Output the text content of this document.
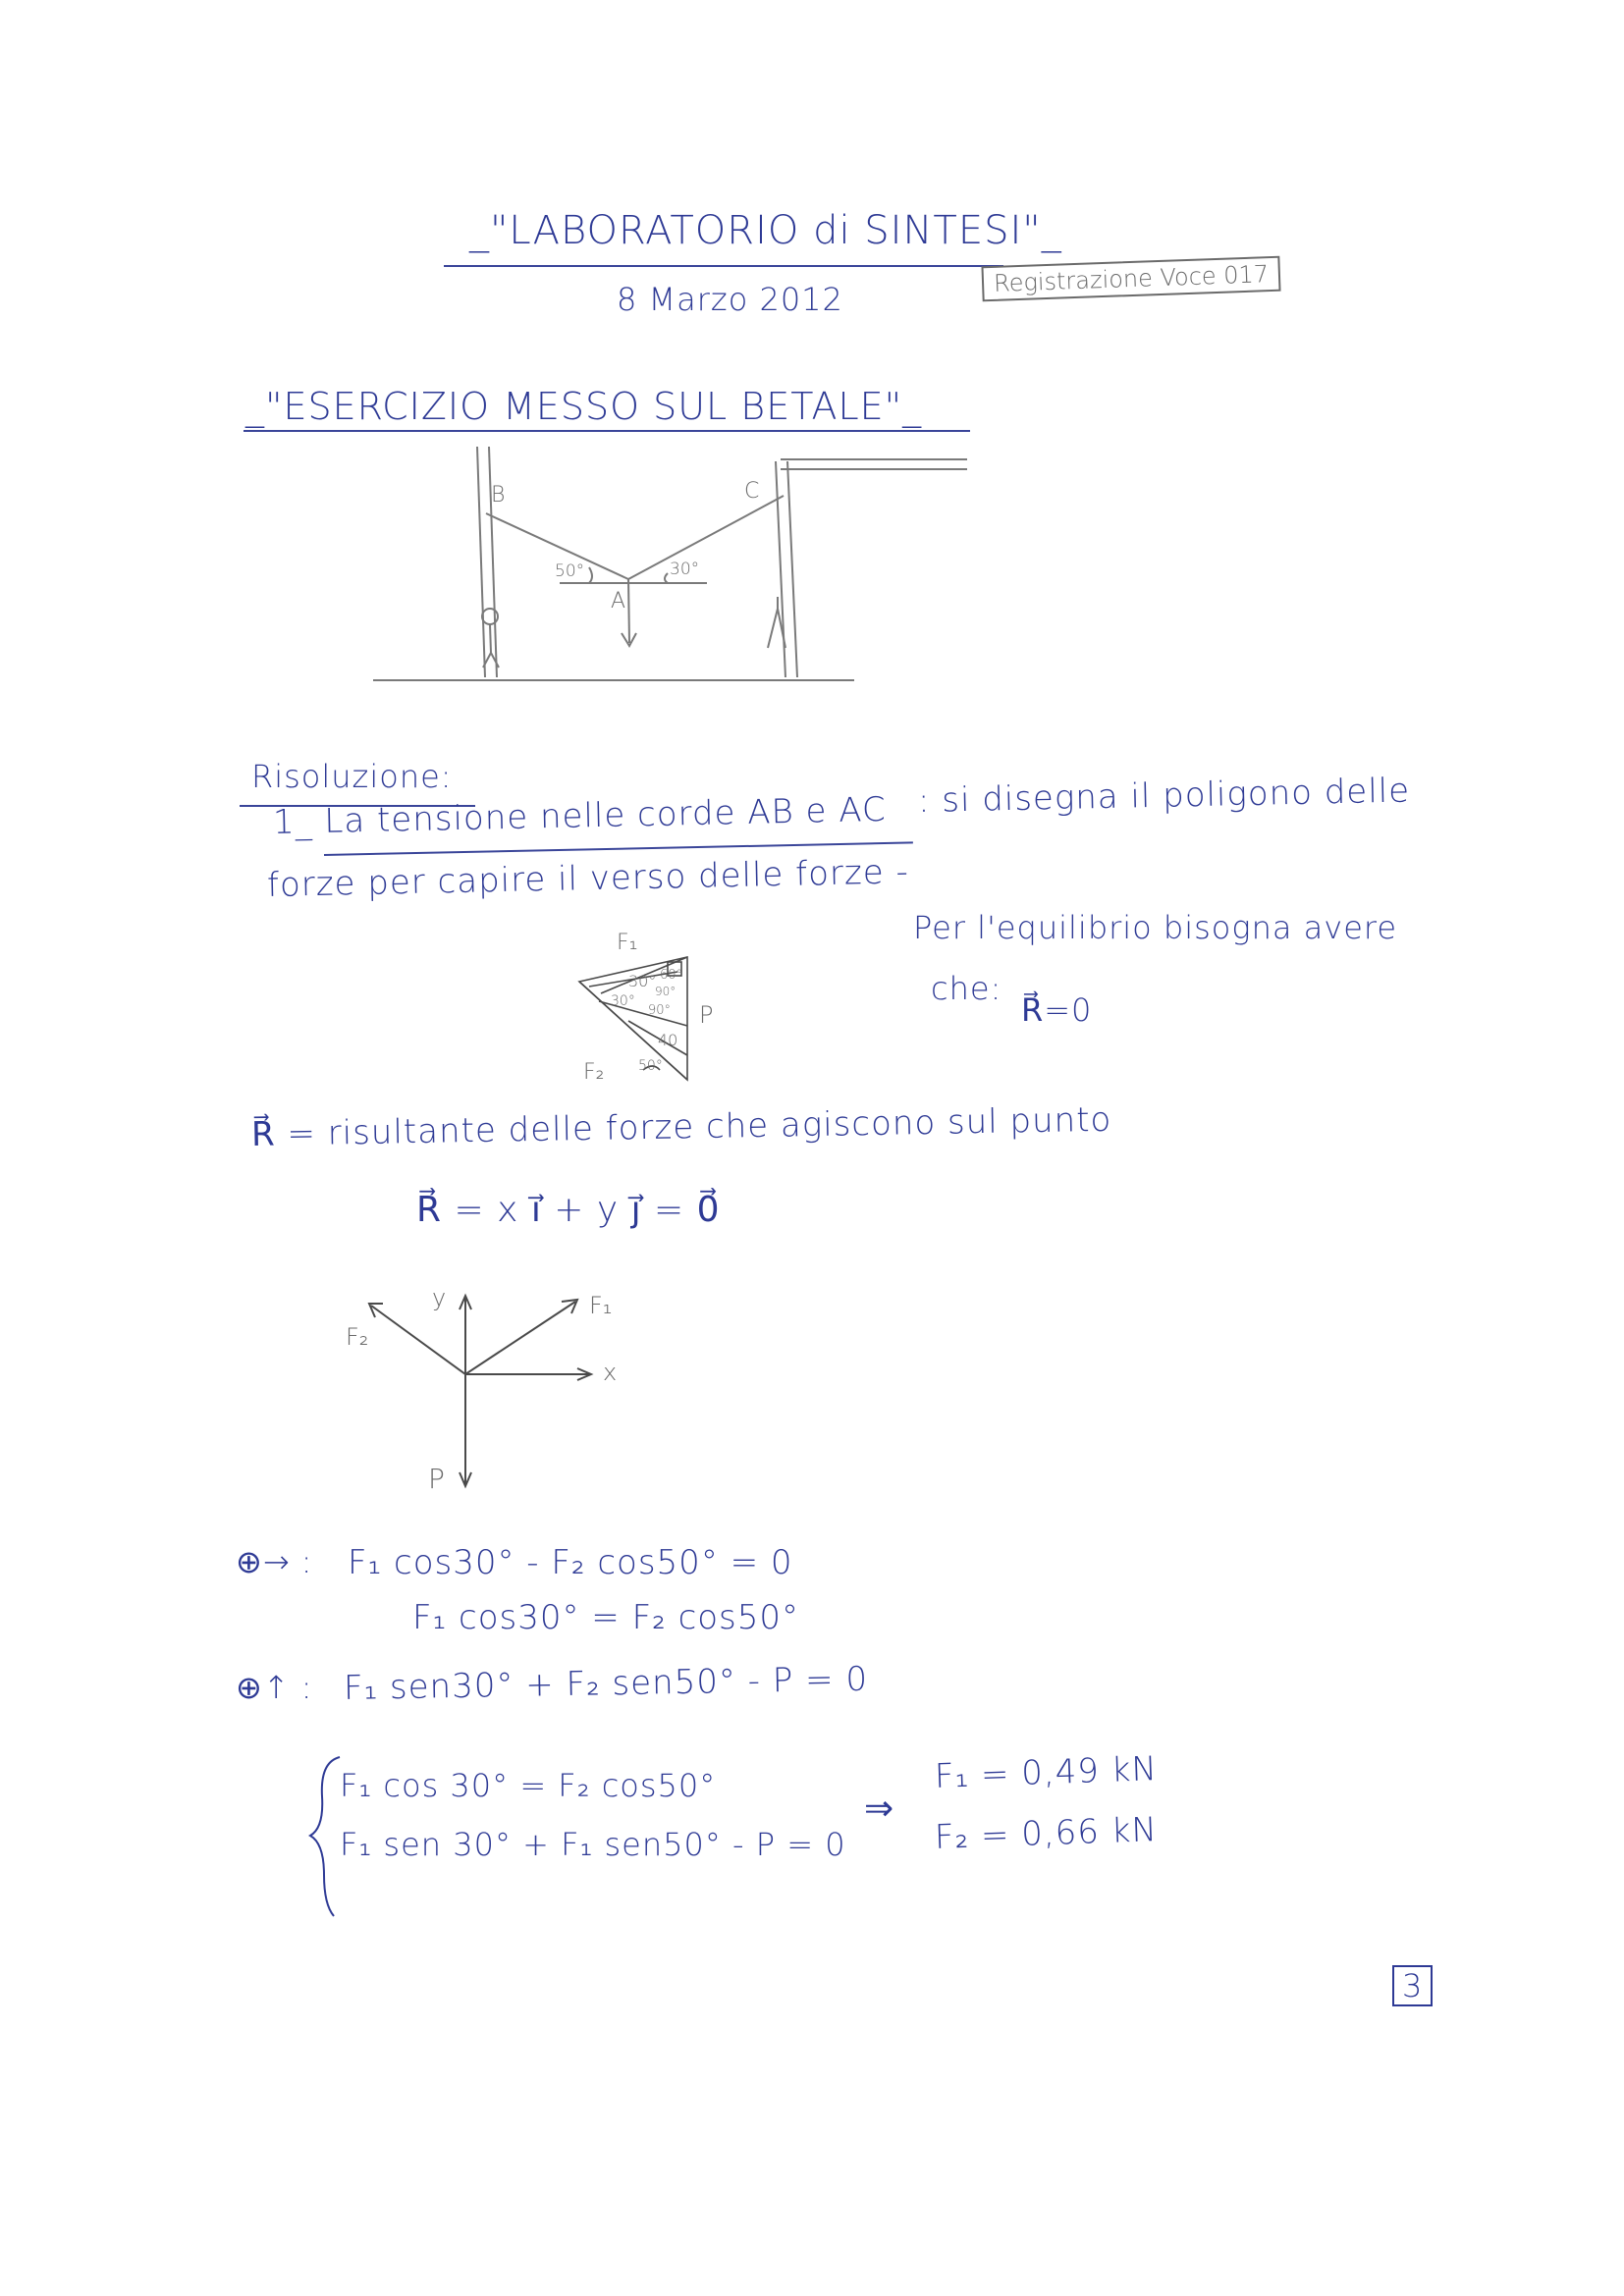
_"LABORATORIO di SINTESI"_
8 Marzo 2012
Registrazione Voce 017
_"ESERCIZIO MESSO SUL BETALE"_
B	C
A
50°	30°
Risoluzione:
1_ La tensione nelle corde AB e AC : si disegna il poligono delle
forze per capire il verso delle forze -
Per l'equilibrio bisogna avere
che:
R⃗=0
F₁
F₂
P
30° 60°
90°
30°
90°
40
50°
R⃗ = risultante delle forze che agiscono sul punto
R⃗ = x i⃗ + y j⃗ = 0⃗
y
x
F₁
F₂
P
⊕→ : F₁ cos30° - F₂ cos50° = 0
F₁ cos30° = F₂ cos50°
⊕↑ : F₁ sen30° + F₂ sen50° - P = 0
F₁ cos 30° = F₂ cos50°
F₁ sen 30° + F₁ sen50° - P = 0
⇒
F₁ = 0,49 kN
F₂ = 0,66 kN
3
